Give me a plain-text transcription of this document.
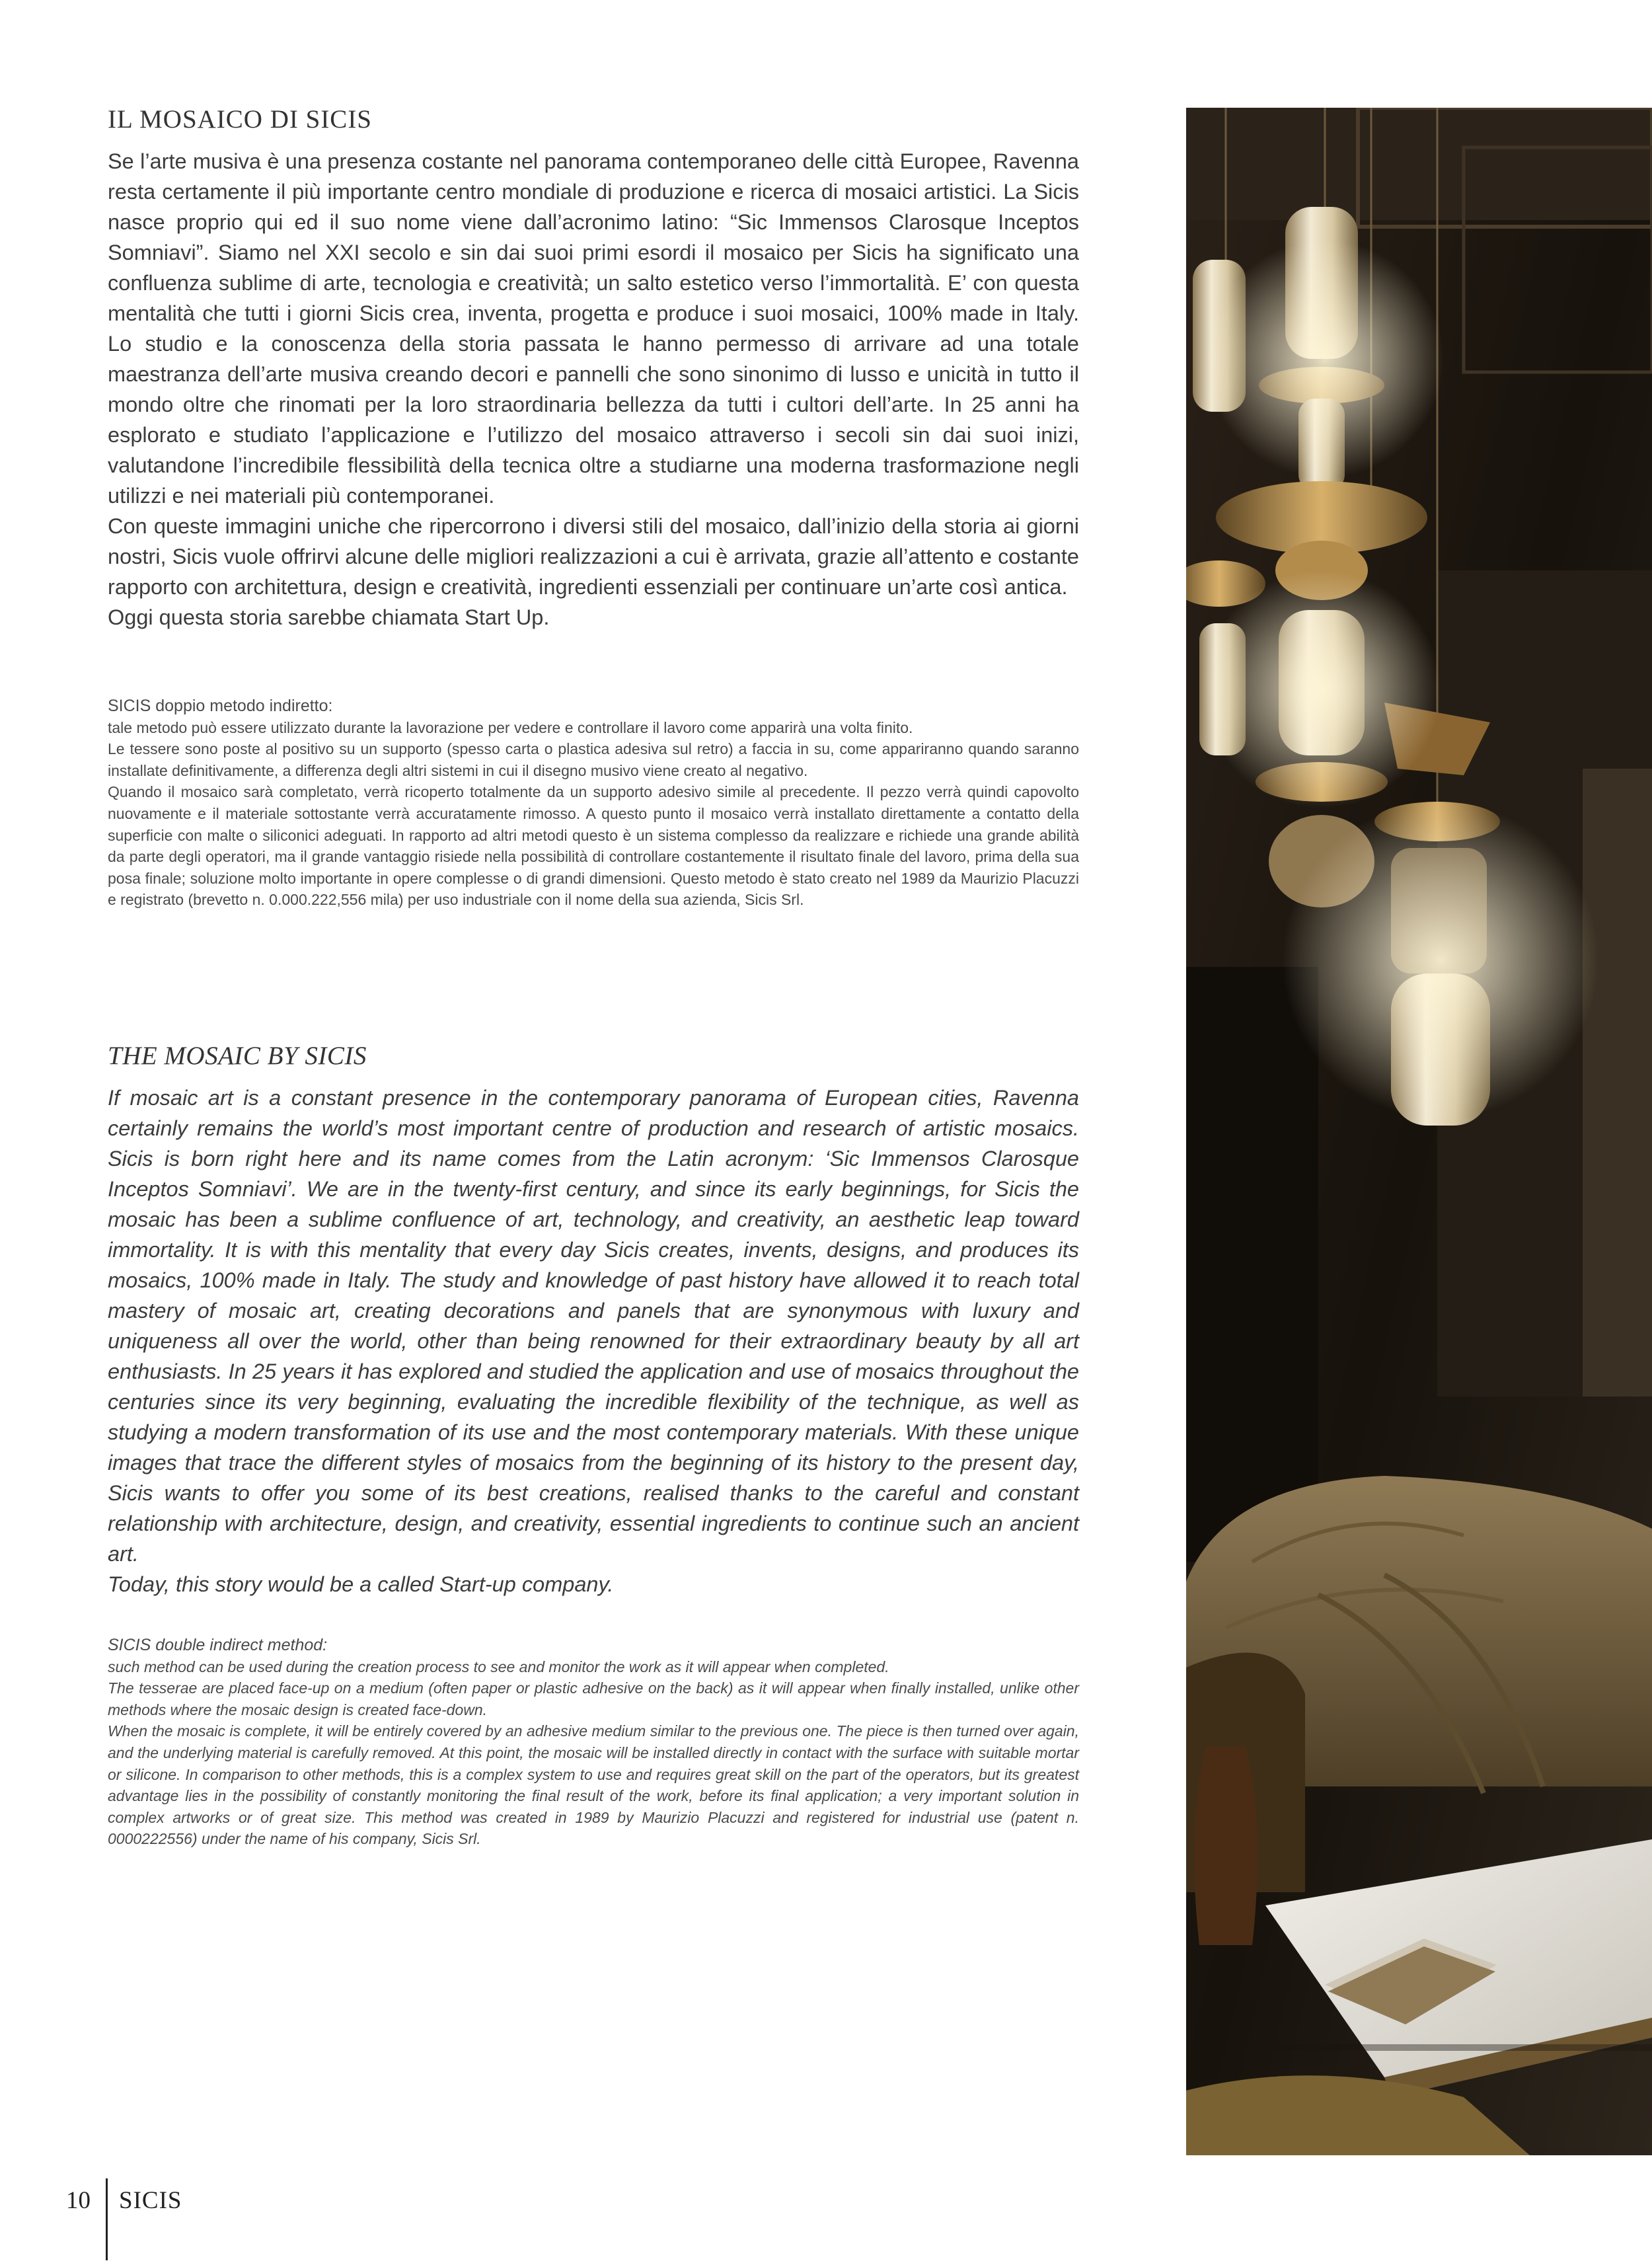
IL MOSAICO DI SICIS

Se l’arte musiva è una presenza costante nel panorama contemporaneo delle città Europee, Ravenna resta certamente il più importante centro mondiale di produzione e ricerca di mosaici artistici. La Sicis nasce proprio qui ed il suo nome viene dall’acronimo latino: “Sic Immensos Clarosque Inceptos Somniavi”. Siamo nel XXI secolo e sin dai suoi primi esordi il mosaico per Sicis ha significato una confluenza sublime di arte, tecnologia e creatività; un salto estetico verso l’immortalità. E’ con questa mentalità che tutti i giorni Sicis crea, inventa, progetta e produce i suoi mosaici, 100% made in Italy. Lo studio e la conoscenza della storia passata le hanno permesso di arrivare ad una totale maestranza dell’arte musiva creando decori e pannelli che sono sinonimo di lusso e unicità in tutto il mondo oltre che rinomati per la loro straordinaria bellezza da tutti i cultori dell’arte. In 25 anni ha esplorato e studiato l’applicazione e l’utilizzo del mosaico attraverso i secoli sin dai suoi inizi, valutandone l’incredibile flessibilità della tecnica oltre a studiarne una moderna trasformazione negli utilizzi e nei materiali più contemporanei.

Con queste immagini uniche che ripercorrono i diversi stili del mosaico, dall’inizio della storia ai giorni nostri, Sicis vuole offrirvi alcune delle migliori realizzazioni a cui è arrivata, grazie all’attento e costante rapporto con architettura, design e creatività, ingredienti essenziali per continuare un’arte così antica.

Oggi questa storia sarebbe chiamata Start Up.

SICIS doppio metodo indiretto:

tale metodo può essere utilizzato durante la lavorazione per vedere e controllare il lavoro come apparirà una volta finito.

Le tessere sono poste al positivo su un supporto (spesso carta o plastica adesiva sul retro) a faccia in su, come appariranno quando saranno installate definitivamente, a differenza degli altri sistemi in cui il disegno musivo viene creato al negativo.

Quando il mosaico sarà completato, verrà ricoperto totalmente da un supporto adesivo simile al precedente. Il pezzo verrà quindi capovolto nuovamente e il materiale sottostante verrà accuratamente rimosso. A questo punto il mosaico verrà installato direttamente a contatto della superficie con malte o siliconici adeguati. In rapporto ad altri metodi questo è un sistema complesso da realizzare e richiede una grande abilità da parte degli operatori, ma il grande vantaggio risiede nella possibilità di controllare costantemente il risultato finale del lavoro, prima della sua posa finale; soluzione molto importante in opere complesse o di grandi dimensioni. Questo metodo è stato creato nel 1989 da Maurizio Placuzzi e registrato (brevetto n. 0.000.222,556 mila) per uso industriale con il nome della sua azienda, Sicis Srl.

THE MOSAIC BY SICIS

If mosaic art is a constant presence in the contemporary panorama of European cities, Ravenna certainly remains the world’s most important centre of production and research of artistic mosaics. Sicis is born right here and its name comes from the Latin acronym: ‘Sic Immensos Clarosque Inceptos Somniavi’. We are in the twenty-first century, and since its early beginnings, for Sicis the mosaic has been a sublime confluence of art, technology, and creativity, an aesthetic leap toward immortality. It is with this mentality that every day Sicis creates, invents, designs, and produces its mosaics, 100% made in Italy. The study and knowledge of past history have allowed it to reach total mastery of mosaic art, creating decorations and panels that are synonymous with luxury and uniqueness all over the world, other than being renowned for their extraordinary beauty by all art enthusiasts. In 25 years it has explored and studied the application and use of mosaics throughout the centuries since its very beginning, evaluating the incredible flexibility of the technique, as well as studying a modern transformation of its use and the most contemporary materials. With these unique images that trace the different styles of mosaics from the beginning of its history to the present day, Sicis wants to offer you some of its best creations, realised thanks to the careful and constant relationship with architecture, design, and creativity, essential ingredients to continue such an ancient art.

Today, this story would be a called Start-up company.

SICIS double indirect method:

such method can be used during the creation process to see and monitor the work as it will appear when completed.

The tesserae are placed face-up on a medium (often paper or plastic adhesive on the back) as it will appear when finally installed, unlike other methods where the mosaic design is created face-down.

When the mosaic is complete, it will be entirely covered by an adhesive medium similar to the previous one. The piece is then turned over again, and the underlying material is carefully removed. At this point, the mosaic will be installed directly in contact with the surface with suitable mortar or silicone. In comparison to other methods, this is a complex system to use and requires great skill on the part of the operators, but its greatest advantage lies in the possibility of constantly monitoring the final result of the work, before its final application; a very important solution in complex artworks or of great size. This method was created in 1989 by Maurizio Placuzzi and registered for industrial use (patent n. 0000222556) under the name of his company, Sicis Srl.

10 SICIS
